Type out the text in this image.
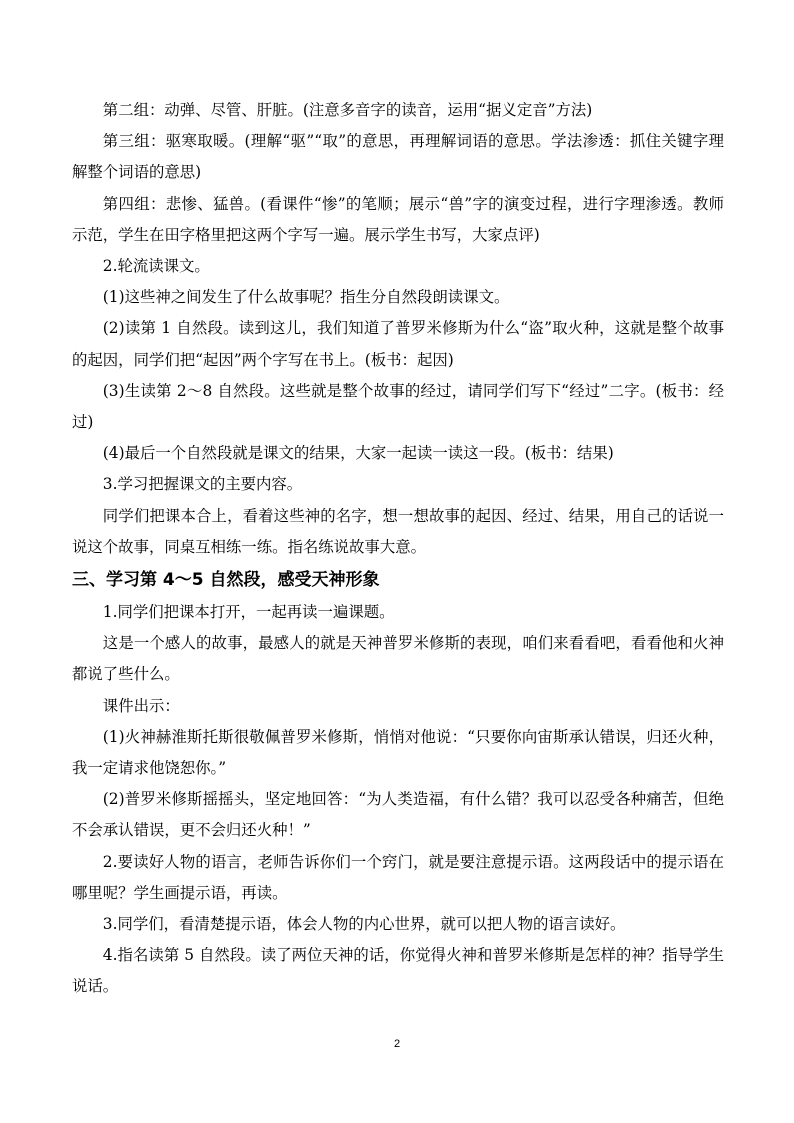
第二组：动弹、尽管、肝脏。(注意多音字的读音，运用“据义定音”方法)

第三组：驱寒取暖。(理解“驱”“取”的意思，再理解词语的意思。学法渗透：抓住关键字理解整个词语的意思)

第四组：悲惨、猛兽。(看课件“惨”的笔顺；展示“兽”字的演变过程，进行字理渗透。教师示范，学生在田字格里把这两个字写一遍。展示学生书写，大家点评)

2.轮流读课文。

(1)这些神之间发生了什么故事呢？指生分自然段朗读课文。

(2)读第 1 自然段。读到这儿，我们知道了普罗米修斯为什么“盗”取火种，这就是整个故事的起因，同学们把“起因”两个字写在书上。(板书：起因)

(3)生读第 2～8 自然段。这些就是整个故事的经过，请同学们写下“经过”二字。(板书：经过)

(4)最后一个自然段就是课文的结果，大家一起读一读这一段。(板书：结果)

3.学习把握课文的主要内容。

同学们把课本合上，看着这些神的名字，想一想故事的起因、经过、结果，用自己的话说一说这个故事，同桌互相练一练。指名练说故事大意。

三、学习第 4～5 自然段，感受天神形象

1.同学们把课本打开，一起再读一遍课题。

这是一个感人的故事，最感人的就是天神普罗米修斯的表现，咱们来看看吧，看看他和火神都说了些什么。

课件出示：

(1)火神赫淮斯托斯很敬佩普罗米修斯，悄悄对他说：“只要你向宙斯承认错误，归还火种，我一定请求他饶恕你。”

(2)普罗米修斯摇摇头，坚定地回答：“为人类造福，有什么错？我可以忍受各种痛苦，但绝不会承认错误，更不会归还火种！”

2.要读好人物的语言，老师告诉你们一个窍门，就是要注意提示语。这两段话中的提示语在哪里呢？学生画提示语，再读。

3.同学们，看清楚提示语，体会人物的内心世界，就可以把人物的语言读好。

4.指名读第 5 自然段。读了两位天神的话，你觉得火神和普罗米修斯是怎样的神？指导学生说话。

2
